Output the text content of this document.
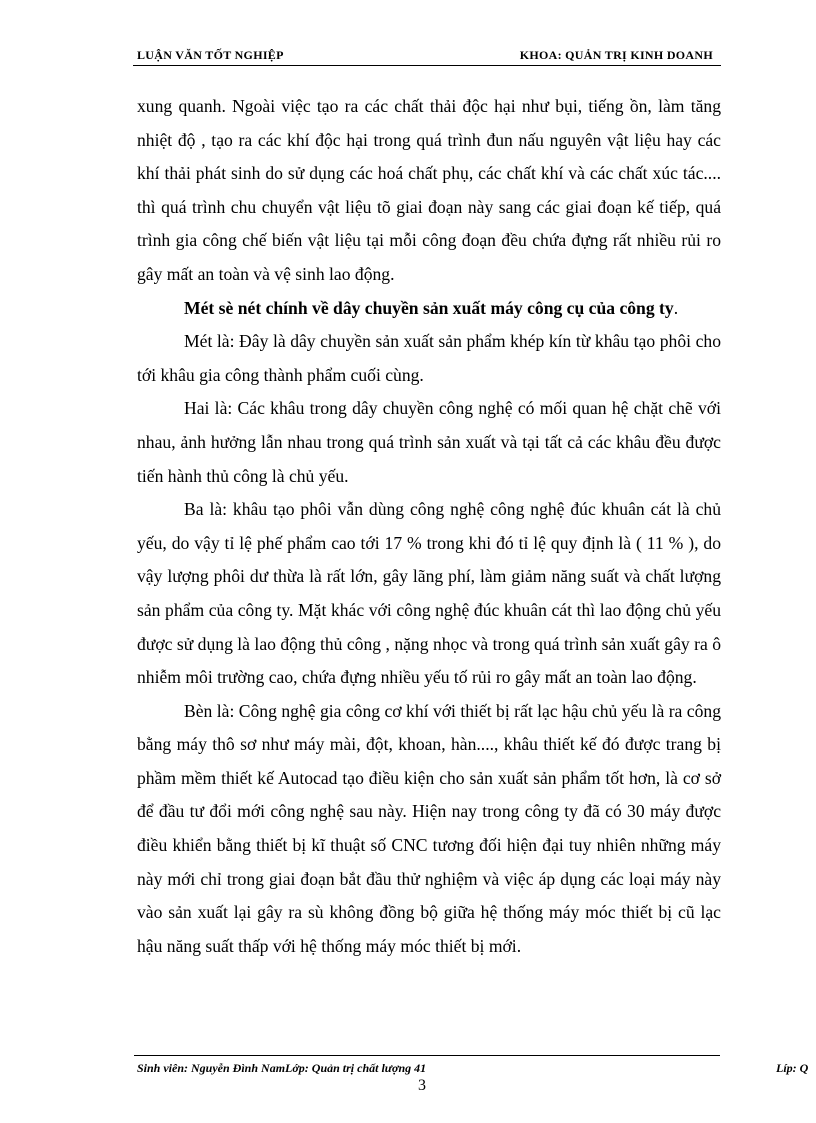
LUẬN VĂN TỐT NGHIỆP	KHOA: QUẢN TRỊ KINH DOANH

xung quanh. Ngoài việc tạo ra các chất thải độc hại như bụi, tiếng ồn, làm tăng nhiệt độ , tạo ra các khí độc hại trong quá trình đun nấu nguyên vật liệu hay các khí thải phát sinh do sử dụng các hoá chất phụ, các chất khí và các chất xúc tác.... thì quá trình chu chuyển vật liệu tõ giai đoạn này sang các giai đoạn kế tiếp, quá trình gia công chế biến vật liệu tại mỗi công đoạn đều chứa đựng rất nhiều rủi ro gây mất an toàn và vệ sinh lao động.

Mét sè nét chính về dây chuyền sản xuất máy công cụ của công ty.

Mét là: Đây là dây chuyền sản xuất sản phẩm khép kín từ khâu tạo phôi cho tới khâu gia công thành phẩm cuối cùng.

Hai là: Các khâu trong dây chuyền công nghệ có mối quan hệ chặt chẽ với nhau, ảnh hưởng lẫn nhau trong quá trình sản xuất và tại tất cả các khâu đều được tiến hành thủ công là chủ yếu.

Ba là: khâu tạo phôi vẫn dùng công nghệ công nghệ đúc khuân cát là chủ yếu, do vậy tỉ lệ phế phẩm cao tới 17 % trong khi đó tỉ lệ quy định là ( 11 % ), do vậy lượng phôi dư thừa là rất lớn, gây lãng phí, làm giảm năng suất và chất lượng sản phẩm của công ty. Mặt khác với công nghệ đúc khuân cát thì lao động chủ yếu được sử dụng là lao động thủ công , nặng nhọc và trong quá trình sản xuất gây ra ô nhiễm môi trường cao, chứa đựng nhiều yếu tố rủi ro gây mất an toàn lao động.

Bèn là: Công nghệ gia công cơ khí với thiết bị rất lạc hậu chủ yếu là ra công bằng máy thô sơ như máy mài, đột, khoan, hàn...., khâu thiết kế đó được trang bị phầm mềm thiết kế Autocad tạo điều kiện cho sản xuất sản phẩm tốt hơn, là cơ sở để đầu tư đổi mới công nghệ sau này. Hiện nay trong công ty đã có 30 máy được điều khiển bằng thiết bị kĩ thuật số CNC tương đối hiện đại tuy nhiên những máy này mới chỉ trong giai đoạn bắt đầu thử nghiệm và việc áp dụng các loại máy này vào sản xuất lại gây ra sù không đồng bộ giữa hệ thống máy móc thiết bị cũ lạc hậu năng suất thấp với hệ thống máy móc thiết bị mới.

Sinh viên: Nguyễn Đình NamLớp: Quản trị chất lượng 41	Líp: Q
3
